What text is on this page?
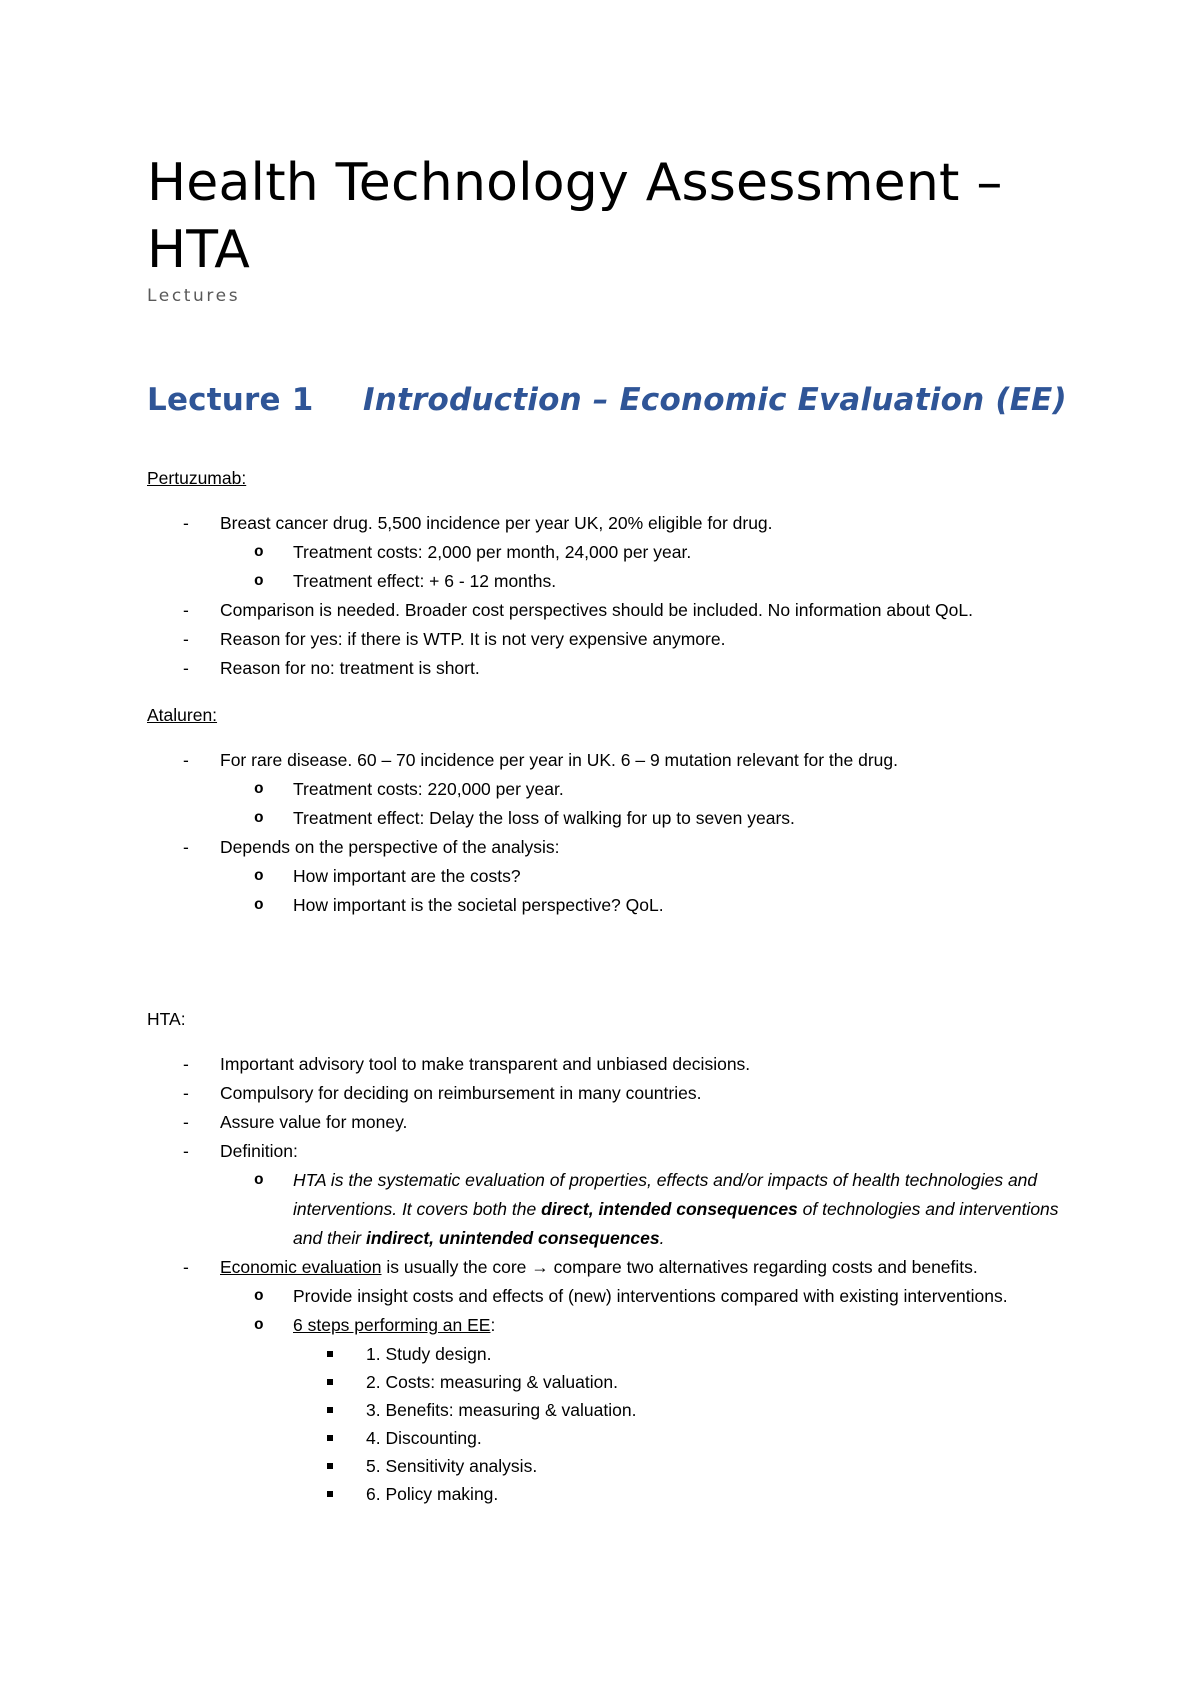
Health Technology Assessment – HTA
Lectures
Lecture 1 Introduction – Economic Evaluation (EE)

Pertuzumab:

- Breast cancer drug. 5,500 incidence per year UK, 20% eligible for drug.
o Treatment costs: 2,000 per month, 24,000 per year.
o Treatment effect: + 6 - 12 months.
- Comparison is needed. Broader cost perspectives should be included. No information about QoL.
- Reason for yes: if there is WTP. It is not very expensive anymore.
- Reason for no: treatment is short.

Ataluren:

- For rare disease. 60 – 70 incidence per year in UK. 6 – 9 mutation relevant for the drug.
o Treatment costs: 220,000 per year.
o Treatment effect: Delay the loss of walking for up to seven years.
- Depends on the perspective of the analysis:
o How important are the costs?
o How important is the societal perspective? QoL.

HTA:

- Important advisory tool to make transparent and unbiased decisions.
- Compulsory for deciding on reimbursement in many countries.
- Assure value for money.
- Definition:
o HTA is the systematic evaluation of properties, effects and/or impacts of health technologies and interventions. It covers both the direct, intended consequences of technologies and interventions and their indirect, unintended consequences.
- Economic evaluation is usually the core → compare two alternatives regarding costs and benefits.
o Provide insight costs and effects of (new) interventions compared with existing interventions.
o 6 steps performing an EE:
1. Study design.
2. Costs: measuring & valuation.
3. Benefits: measuring & valuation.
4. Discounting.
5. Sensitivity analysis.
6. Policy making.
